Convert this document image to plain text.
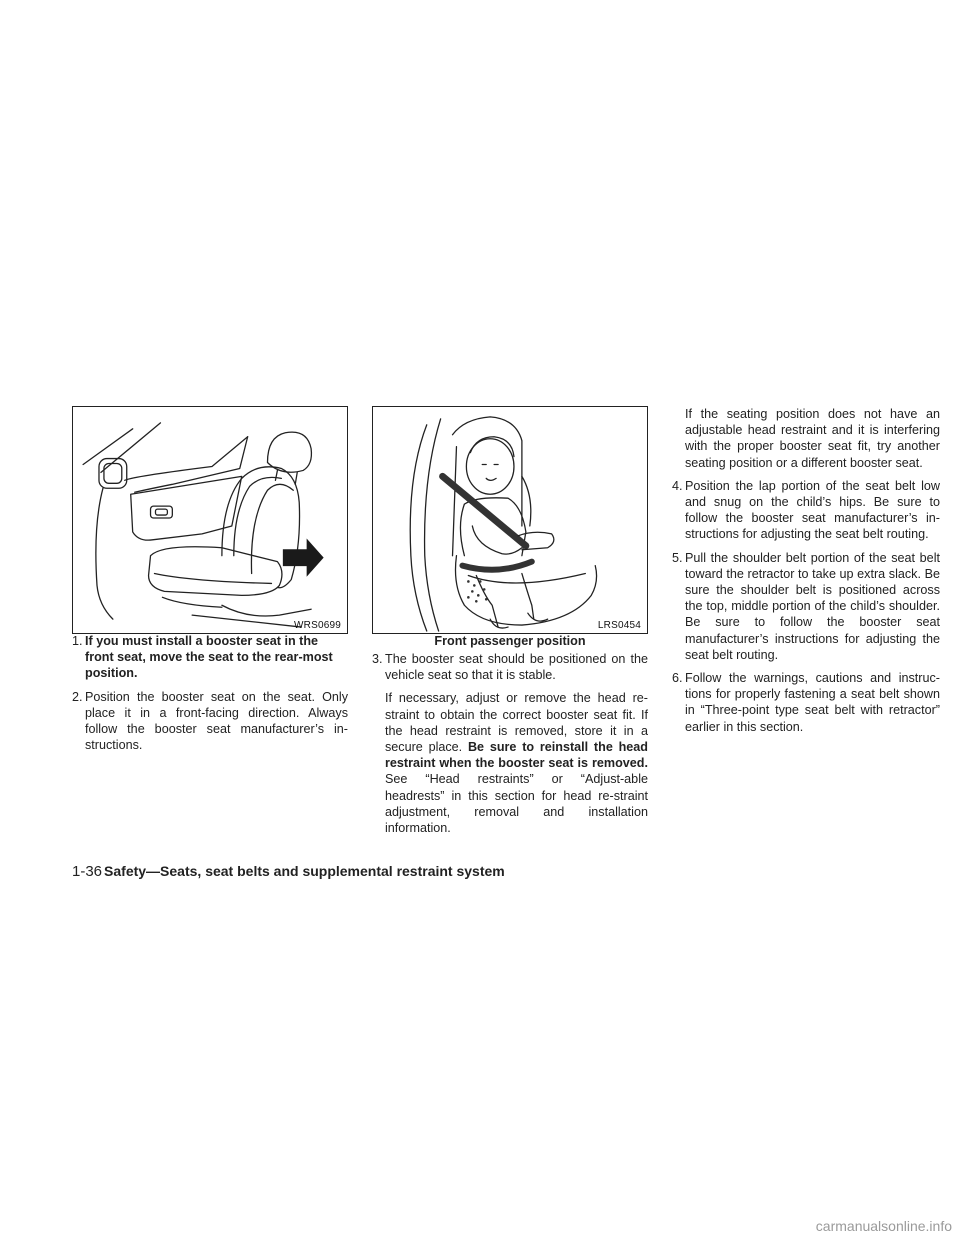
WRS0699	LRS0454
Front passenger position

1. If you must install a booster seat in the front seat, move the seat to the rear-most position.

2. Position the booster seat on the seat. Only place it in a front-facing direction. Always follow the booster seat manufacturer’s in-structions.

3. The booster seat should be positioned on the vehicle seat so that it is stable.

If necessary, adjust or remove the head re-straint to obtain the correct booster seat fit. If the head restraint is removed, store it in a secure place. Be sure to reinstall the head restraint when the booster seat is removed. See “Head restraints” or “Adjust-able headrests” in this section for head re-straint adjustment, removal and installation information.

If the seating position does not have an adjustable head restraint and it is interfering with the proper booster seat fit, try another seating position or a different booster seat.

4. Position the lap portion of the seat belt low and snug on the child’s hips. Be sure to follow the booster seat manufacturer’s in-structions for adjusting the seat belt routing.

5. Pull the shoulder belt portion of the seat belt toward the retractor to take up extra slack. Be sure the shoulder belt is positioned across the top, middle portion of the child’s shoulder. Be sure to follow the booster seat manufacturer’s instructions for adjusting the seat belt routing.

6. Follow the warnings, cautions and instruc-tions for properly fastening a seat belt shown in “Three-point type seat belt with retractor” earlier in this section.

1-36 Safety—Seats, seat belts and supplemental restraint system
carmanualsonline.info
